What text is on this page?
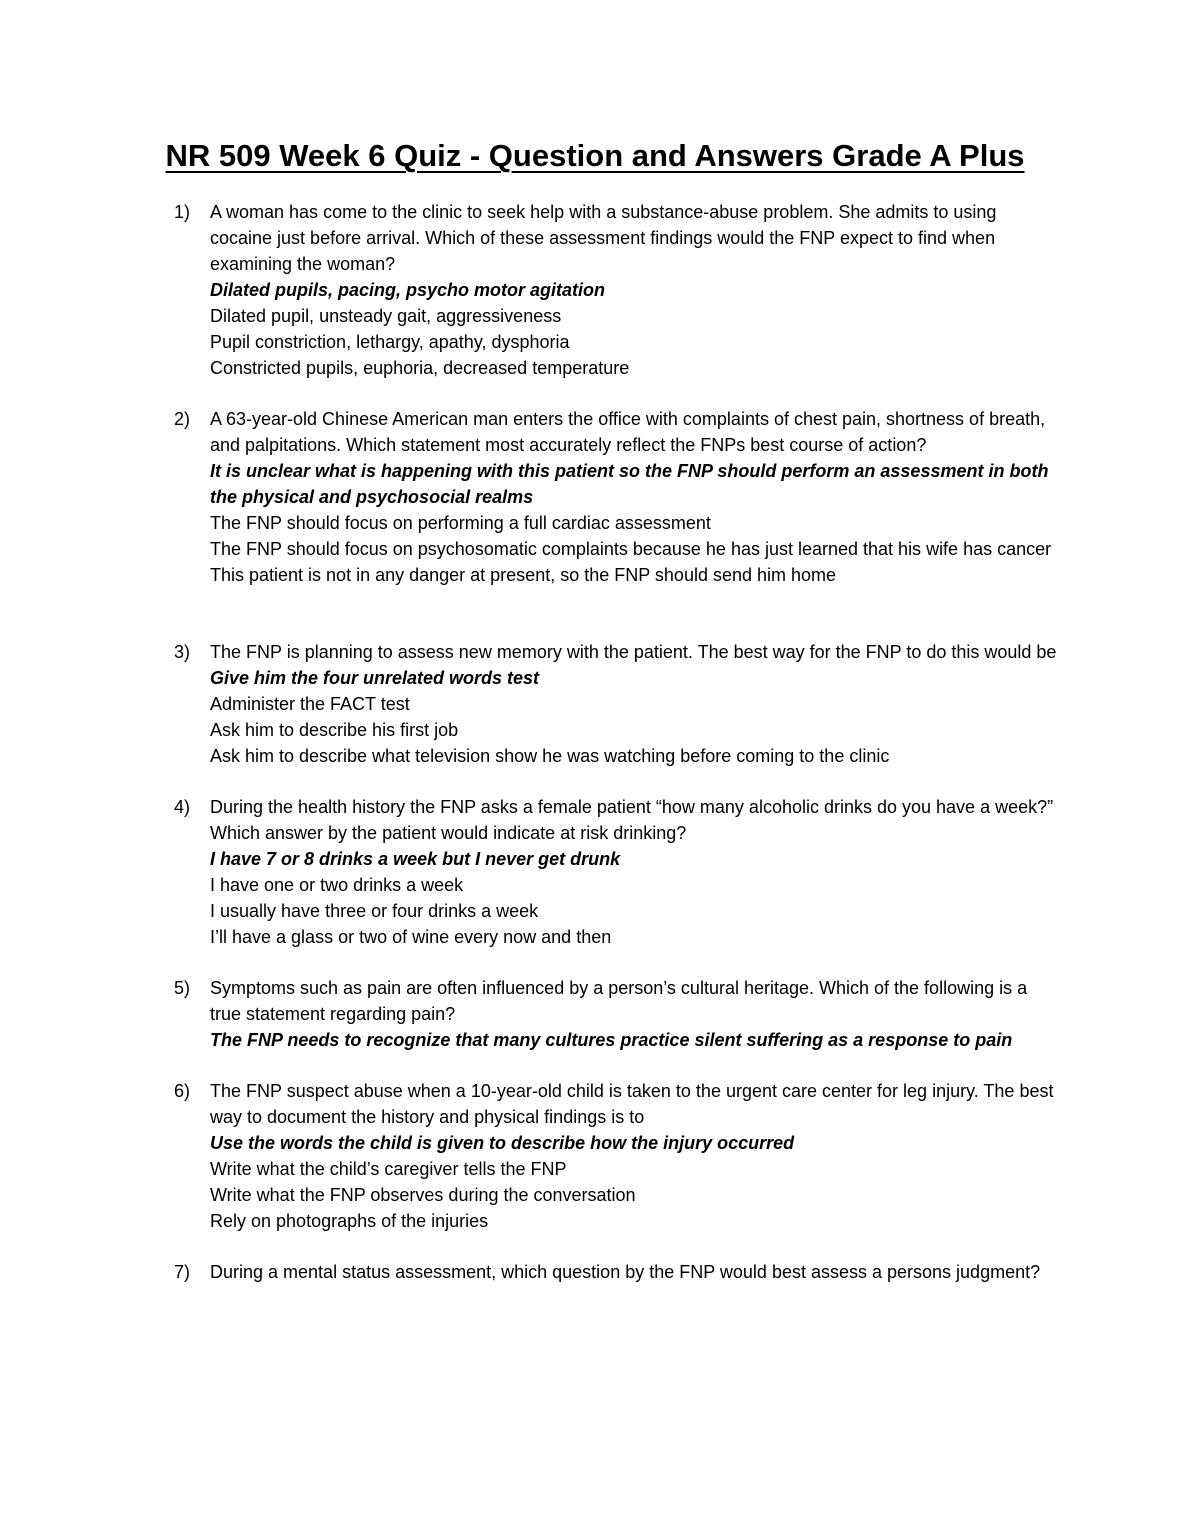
NR 509 Week 6 Quiz - Question and Answers Grade A Plus
1) A woman has come to the clinic to seek help with a substance-abuse problem. She admits to using cocaine just before arrival. Which of these assessment findings would the FNP expect to find when examining the woman?
Dilated pupils, pacing, psycho motor agitation
Dilated pupil, unsteady gait, aggressiveness
Pupil constriction, lethargy, apathy, dysphoria
Constricted pupils, euphoria, decreased temperature
2) A 63-year-old Chinese American man enters the office with complaints of chest pain, shortness of breath, and palpitations. Which statement most accurately reflect the FNPs best course of action?
It is unclear what is happening with this patient so the FNP should perform an assessment in both the physical and psychosocial realms
The FNP should focus on performing a full cardiac assessment
The FNP should focus on psychosomatic complaints because he has just learned that his wife has cancer
This patient is not in any danger at present, so the FNP should send him home
3) The FNP is planning to assess new memory with the patient. The best way for the FNP to do this would be
Give him the four unrelated words test
Administer the FACT test
Ask him to describe his first job
Ask him to describe what television show he was watching before coming to the clinic
4) During the health history the FNP asks a female patient “how many alcoholic drinks do you have a week?” Which answer by the patient would indicate at risk drinking?
I have 7 or 8 drinks a week but I never get drunk
I have one or two drinks a week
I usually have three or four drinks a week
I’ll have a glass or two of wine every now and then
5) Symptoms such as pain are often influenced by a person’s cultural heritage. Which of the following is a true statement regarding pain?
The FNP needs to recognize that many cultures practice silent suffering as a response to pain
6) The FNP suspect abuse when a 10-year-old child is taken to the urgent care center for leg injury. The best way to document the history and physical findings is to
Use the words the child is given to describe how the injury occurred
Write what the child’s caregiver tells the FNP
Write what the FNP observes during the conversation
Rely on photographs of the injuries
7) During a mental status assessment, which question by the FNP would best assess a persons judgment?
